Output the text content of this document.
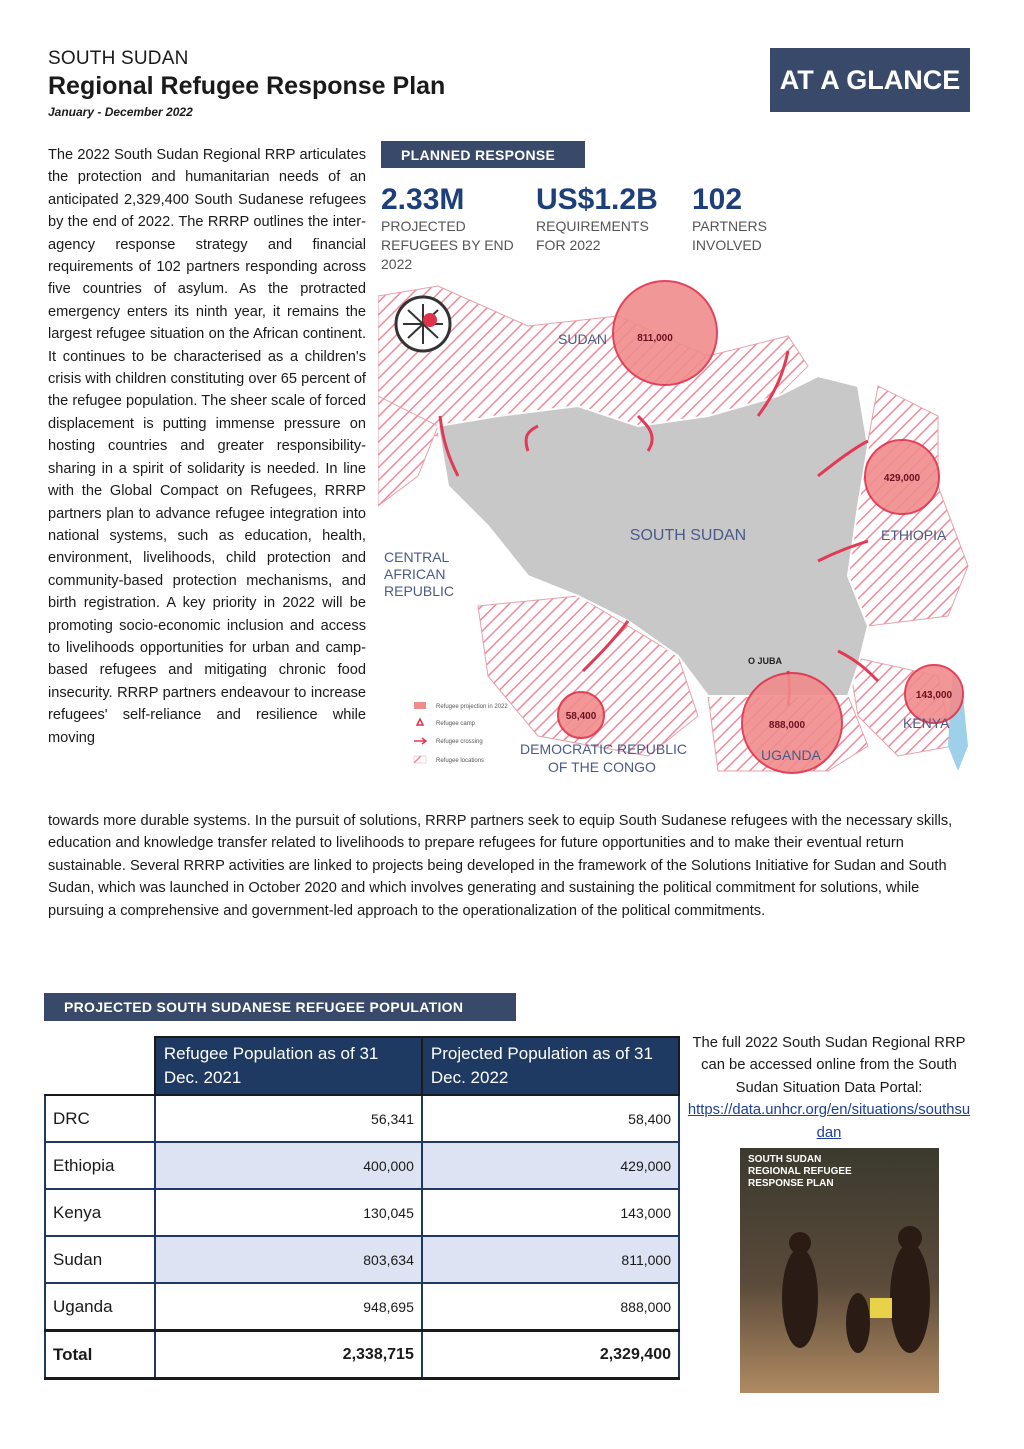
SOUTH SUDAN
Regional Refugee Response Plan
January - December 2022
AT A GLANCE
The 2022 South Sudan Regional RRP articulates the protection and humanitarian needs of an anticipated 2,329,400 South Sudanese refugees by the end of 2022. The RRRP outlines the inter-agency response strategy and financial requirements of 102 partners responding across five countries of asylum. As the protracted emergency enters its ninth year, it remains the largest refugee situation on the African continent. It continues to be characterised as a children's crisis with children constituting over 65 percent of the refugee population. The sheer scale of forced displacement is putting immense pressure on hosting countries and greater responsibility-sharing in a spirit of solidarity is needed. In line with the Global Compact on Refugees, RRRP partners plan to advance refugee integration into national systems, such as education, health, environment, livelihoods, child protection and community-based protection mechanisms, and birth registration. A key priority in 2022 will be promoting socio-economic inclusion and access to livelihoods opportunities for urban and camp-based refugees and mitigating chronic food insecurity. RRRP partners endeavour to increase refugees' self-reliance and resilience while moving
towards more durable systems. In the pursuit of solutions, RRRP partners seek to equip South Sudanese refugees with the necessary skills, education and knowledge transfer related to livelihoods to prepare refugees for future opportunities and to make their eventual return sustainable. Several RRRP activities are linked to projects being developed in the framework of the Solutions Initiative for Sudan and South Sudan, which was launched in October 2020 and which involves generating and sustaining the political commitment for solutions, while pursuing a comprehensive and government-led approach to the operationalization of the political commitments.
PLANNED RESPONSE
2.33M
PROJECTED REFUGEES BY END 2022
US$1.2B
REQUIREMENTS FOR 2022
102
PARTNERS INVOLVED
811,000
429,000
143,000
888,000
58,400
SOUTH SUDAN
SUDAN
ETHIOPIA
KENYA
UGANDA
DEMOCRATIC REPUBLIC
OF THE CONGO
CENTRAL
AFRICAN
REPUBLIC
O JUBA
Refugee projection in 2022
Refugee camp
Refugee crossing
Refugee locations
PROJECTED SOUTH SUDANESE REFUGEE POPULATION
	Refugee Population as of 31 Dec. 2021	Projected Population as of 31 Dec. 2022
DRC	56,341	58,400
Ethiopia	400,000	429,000
Kenya	130,045	143,000
Sudan	803,634	811,000
Uganda	948,695	888,000
Total	2,338,715	2,329,400
The full 2022 South Sudan Regional RRP can be accessed online from the South Sudan Situation Data Portal:
https://data.unhcr.org/en/situations/southsudan
SOUTH SUDAN
REGIONAL REFUGEE
RESPONSE PLAN
